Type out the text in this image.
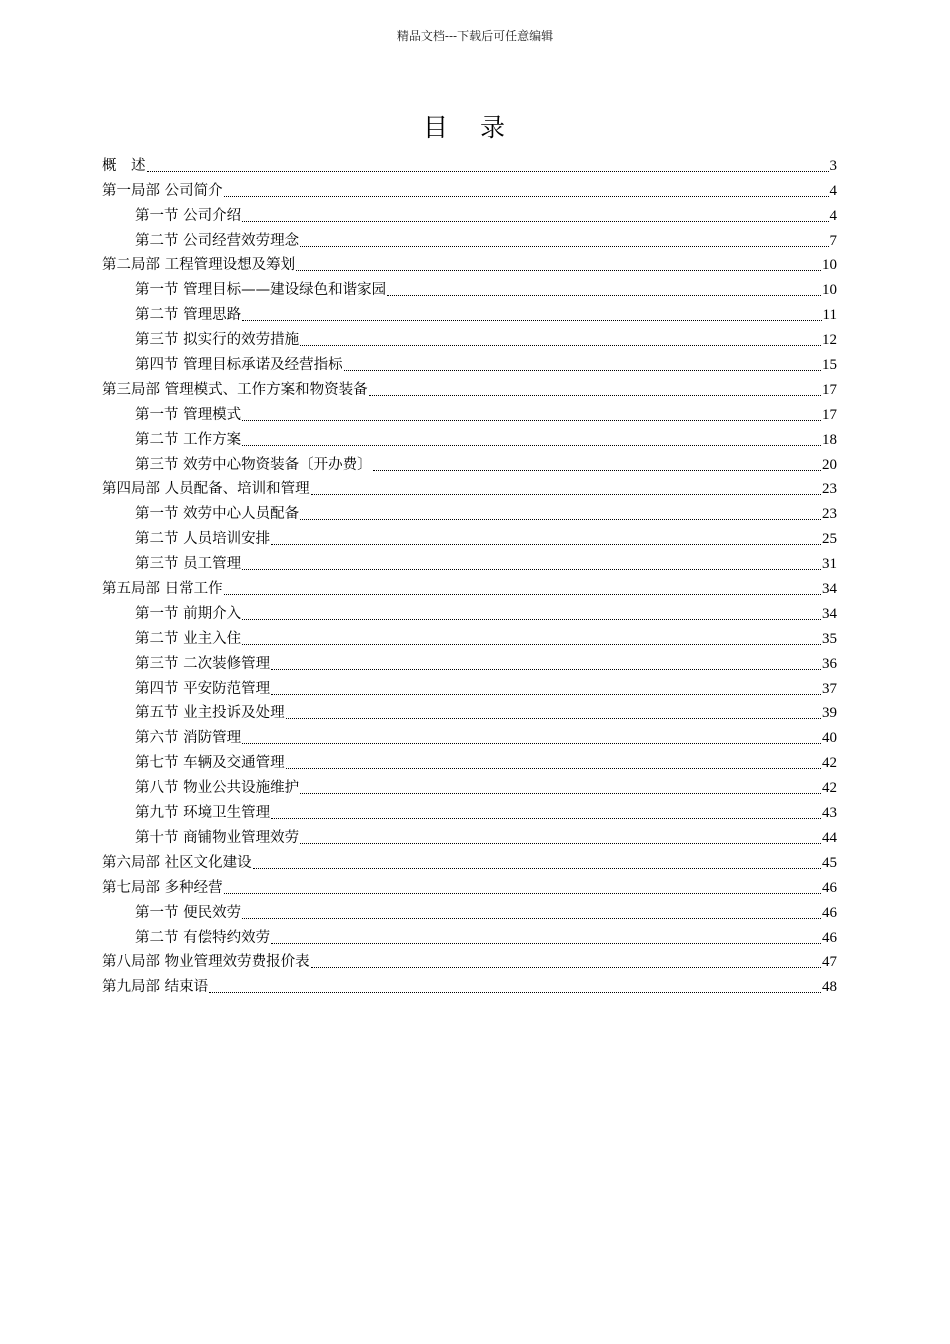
精品文档---下载后可任意编辑
目 录
概　述	3
第一局部 公司简介	4
第一节 公司介绍	4
第二节 公司经营效劳理念	7
第二局部 工程管理设想及筹划	10
第一节 管理目标——建设绿色和谐家园	10
第二节 管理思路	11
第三节 拟实行的效劳措施	12
第四节 管理目标承诺及经营指标	15
第三局部 管理模式、工作方案和物资装备	17
第一节 管理模式	17
第二节 工作方案	18
第三节 效劳中心物资装备〔开办费〕	20
第四局部 人员配备、培训和管理	23
第一节 效劳中心人员配备	23
第二节 人员培训安排	25
第三节 员工管理	31
第五局部 日常工作	34
第一节 前期介入	34
第二节 业主入住	35
第三节 二次装修管理	36
第四节 平安防范管理	37
第五节 业主投诉及处理	39
第六节 消防管理	40
第七节 车辆及交通管理	42
第八节 物业公共设施维护	42
第九节 环境卫生管理	43
第十节 商铺物业管理效劳	44
第六局部 社区文化建设	45
第七局部 多种经营	46
第一节 便民效劳	46
第二节 有偿特约效劳	46
第八局部 物业管理效劳费报价表	47
第九局部 结束语	48
